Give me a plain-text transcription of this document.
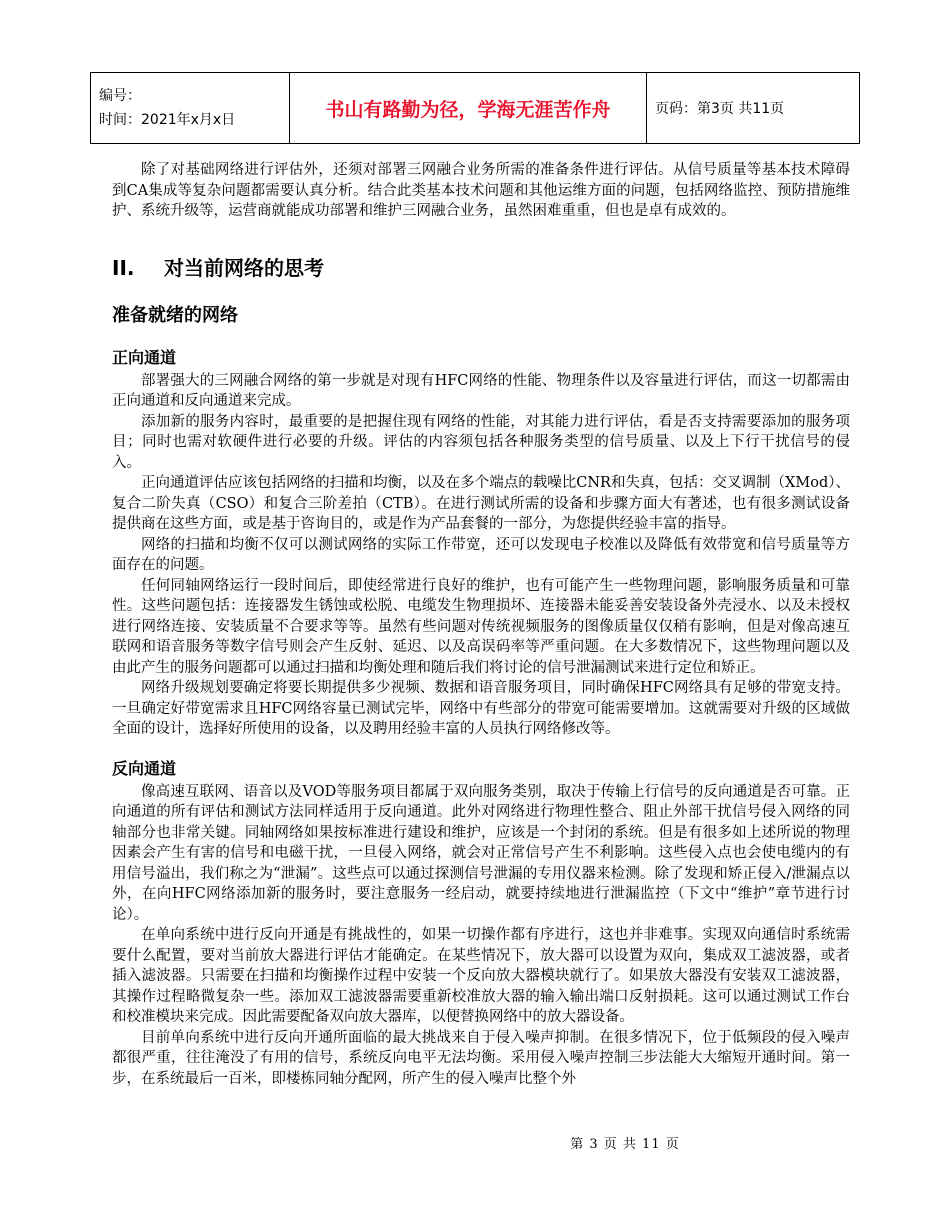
编号：
时间：2021年x月x日	书山有路勤为径，学海无涯苦作舟	页码：第3页 共11页

除了对基础网络进行评估外，还须对部署三网融合业务所需的准备条件进行评估。从信号质量等基本技术障碍到CA集成等复杂问题都需要认真分析。结合此类基本技术问题和其他运维方面的问题，包括网络监控、预防措施维护、系统升级等，运营商就能成功部署和维护三网融合业务，虽然困难重重，但也是卓有成效的。

II.	对当前网络的思考
准备就绪的网络
正向通道

部署强大的三网融合网络的第一步就是对现有HFC网络的性能、物理条件以及容量进行评估，而这一切都需由正向通道和反向通道来完成。

添加新的服务内容时，最重要的是把握住现有网络的性能，对其能力进行评估，看是否支持需要添加的服务项目；同时也需对软硬件进行必要的升级。评估的内容须包括各种服务类型的信号质量、以及上下行干扰信号的侵入。

正向通道评估应该包括网络的扫描和均衡，以及在多个端点的载噪比CNR和失真，包括：交叉调制（XMod）、复合二阶失真（CSO）和复合三阶差拍（CTB）。在进行测试所需的设备和步骤方面大有著述，也有很多测试设备提供商在这些方面，或是基于咨询目的，或是作为产品套餐的一部分，为您提供经验丰富的指导。

网络的扫描和均衡不仅可以测试网络的实际工作带宽，还可以发现电子校准以及降低有效带宽和信号质量等方面存在的问题。

任何同轴网络运行一段时间后，即使经常进行良好的维护，也有可能产生一些物理问题，影响服务质量和可靠性。这些问题包括：连接器发生锈蚀或松脱、电缆发生物理损坏、连接器未能妥善安装设备外壳浸水、以及未授权进行网络连接、安装质量不合要求等等。虽然有些问题对传统视频服务的图像质量仅仅稍有影响，但是对像高速互联网和语音服务等数字信号则会产生反射、延迟、以及高误码率等严重问题。在大多数情况下，这些物理问题以及由此产生的服务问题都可以通过扫描和均衡处理和随后我们将讨论的信号泄漏测试来进行定位和矫正。

网络升级规划要确定将要长期提供多少视频、数据和语音服务项目，同时确保HFC网络具有足够的带宽支持。一旦确定好带宽需求且HFC网络容量已测试完毕，网络中有些部分的带宽可能需要增加。这就需要对升级的区域做全面的设计，选择好所使用的设备，以及聘用经验丰富的人员执行网络修改等。

反向通道

像高速互联网、语音以及VOD等服务项目都属于双向服务类别，取决于传输上行信号的反向通道是否可靠。正向通道的所有评估和测试方法同样适用于反向通道。此外对网络进行物理性整合、阻止外部干扰信号侵入网络的同轴部分也非常关键。同轴网络如果按标准进行建设和维护，应该是一个封闭的系统。但是有很多如上述所说的物理因素会产生有害的信号和电磁干扰，一旦侵入网络，就会对正常信号产生不利影响。这些侵入点也会使电缆内的有用信号溢出，我们称之为“泄漏”。这些点可以通过探测信号泄漏的专用仪器来检测。除了发现和矫正侵入/泄漏点以外，在向HFC网络添加新的服务时，要注意服务一经启动，就要持续地进行泄漏监控（下文中“维护”章节进行讨论）。

在单向系统中进行反向开通是有挑战性的，如果一切操作都有序进行，这也并非难事。实现双向通信时系统需要什么配置，要对当前放大器进行评估才能确定。在某些情况下，放大器可以设置为双向，集成双工滤波器，或者插入滤波器。只需要在扫描和均衡操作过程中安装一个反向放大器模块就行了。如果放大器没有安装双工滤波器，其操作过程略微复杂一些。添加双工滤波器需要重新校准放大器的输入输出端口反射损耗。这可以通过测试工作台和校准模块来完成。因此需要配备双向放大器库，以便替换网络中的放大器设备。

目前单向系统中进行反向开通所面临的最大挑战来自于侵入噪声抑制。在很多情况下，位于低频段的侵入噪声都很严重，往往淹没了有用的信号，系统反向电平无法均衡。采用侵入噪声控制三步法能大大缩短开通时间。第一步，在系统最后一百米，即楼栋同轴分配网，所产生的侵入噪声比整个外

第 3 页 共 11 页
